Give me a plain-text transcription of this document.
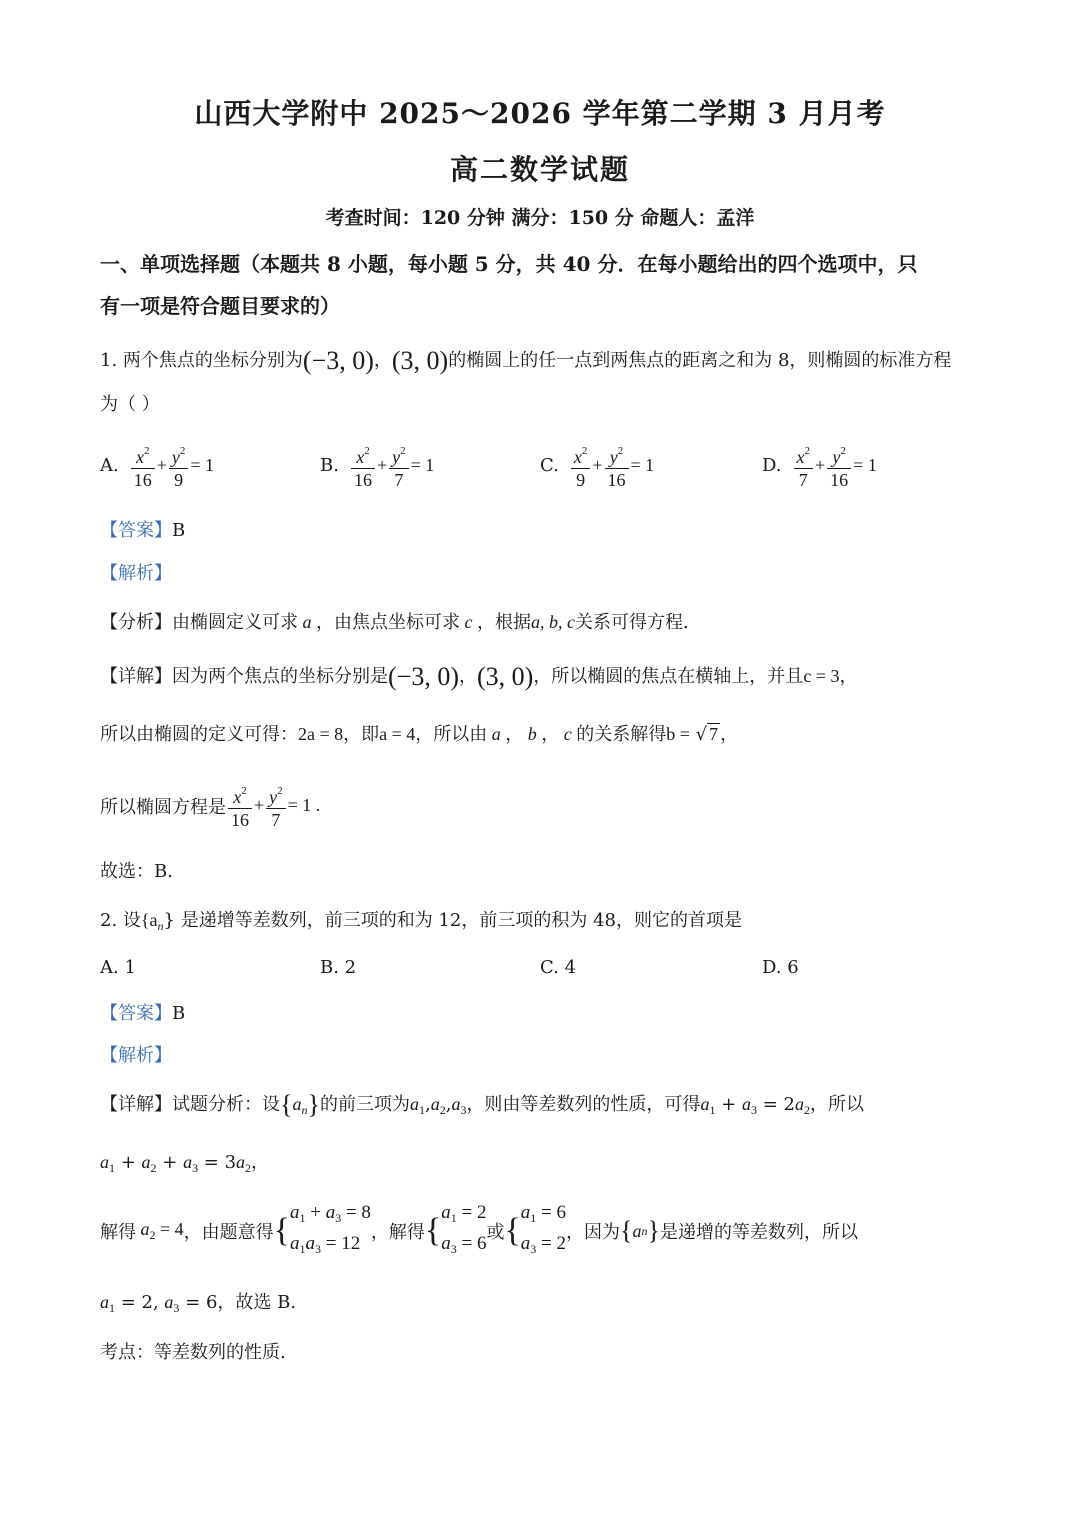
山西大学附中 2025～2026 学年第二学期 3 月月考
高二数学试题
考查时间：120 分钟 满分：150 分 命题人：孟洋
一、单项选择题（本题共 8 小题，每小题 5 分，共 40 分．在每小题给出的四个选项中，只
有一项是符合题目要求的）
1. 两个焦点的坐标分别为(−3, 0)，(3, 0)的椭圆上的任一点到两焦点的距离之和为 8，则椭圆的标准方程
为（ ）
A. $\frac{x^2}{16} + \frac{y^2}{9} = 1$	B. $\frac{x^2}{16} + \frac{y^2}{7} = 1$	C. $\frac{x^2}{9} + \frac{y^2}{16} = 1$	D. $\frac{x^2}{7} + \frac{y^2}{16} = 1$
【答案】B
【解析】
【分析】由椭圆定义可求 a ，由焦点坐标可求 c ，根据a, b, c关系可得方程.
【详解】因为两个焦点的坐标分别是(−3, 0)，(3, 0)，所以椭圆的焦点在横轴上，并且c = 3，
所以由椭圆的定义可得：2a = 8，即a = 4，所以由 a ， b ， c 的关系解得b = √ 7 ，
所以椭圆方程是 $\frac{x^2}{16} + \frac{y^2}{7} = 1$ .
故选：B.
2. 设$\{a_n\}$ 是递增等差数列，前三项的和为 12，前三项的积为 48，则它的首项是
A. 1	B. 2	C. 4	D. 6
【答案】B
【解析】
【详解】试题分析：设$\{a_n\}$的前三项为$a_1,a_2,a_3$，则由等差数列的性质，可得$a_1 + a_3 = 2a_2$，所以
$a_1 + a_2 + a_3 = 3a_2$，
解得 $a_2 = 4$ ，由题意得 { $a_1 + a_3 = 8$
$a_1a_3 = 12$
，解得 { $a_1 = 2$
$a_3 = 6$
或 { $a_1 = 6$
$a_3 = 2$
，因为 { a n } 是递增的等差数列，所以
$a_1 = 2$, $a_3 = 6$，故选 B.
考点：等差数列的性质.
